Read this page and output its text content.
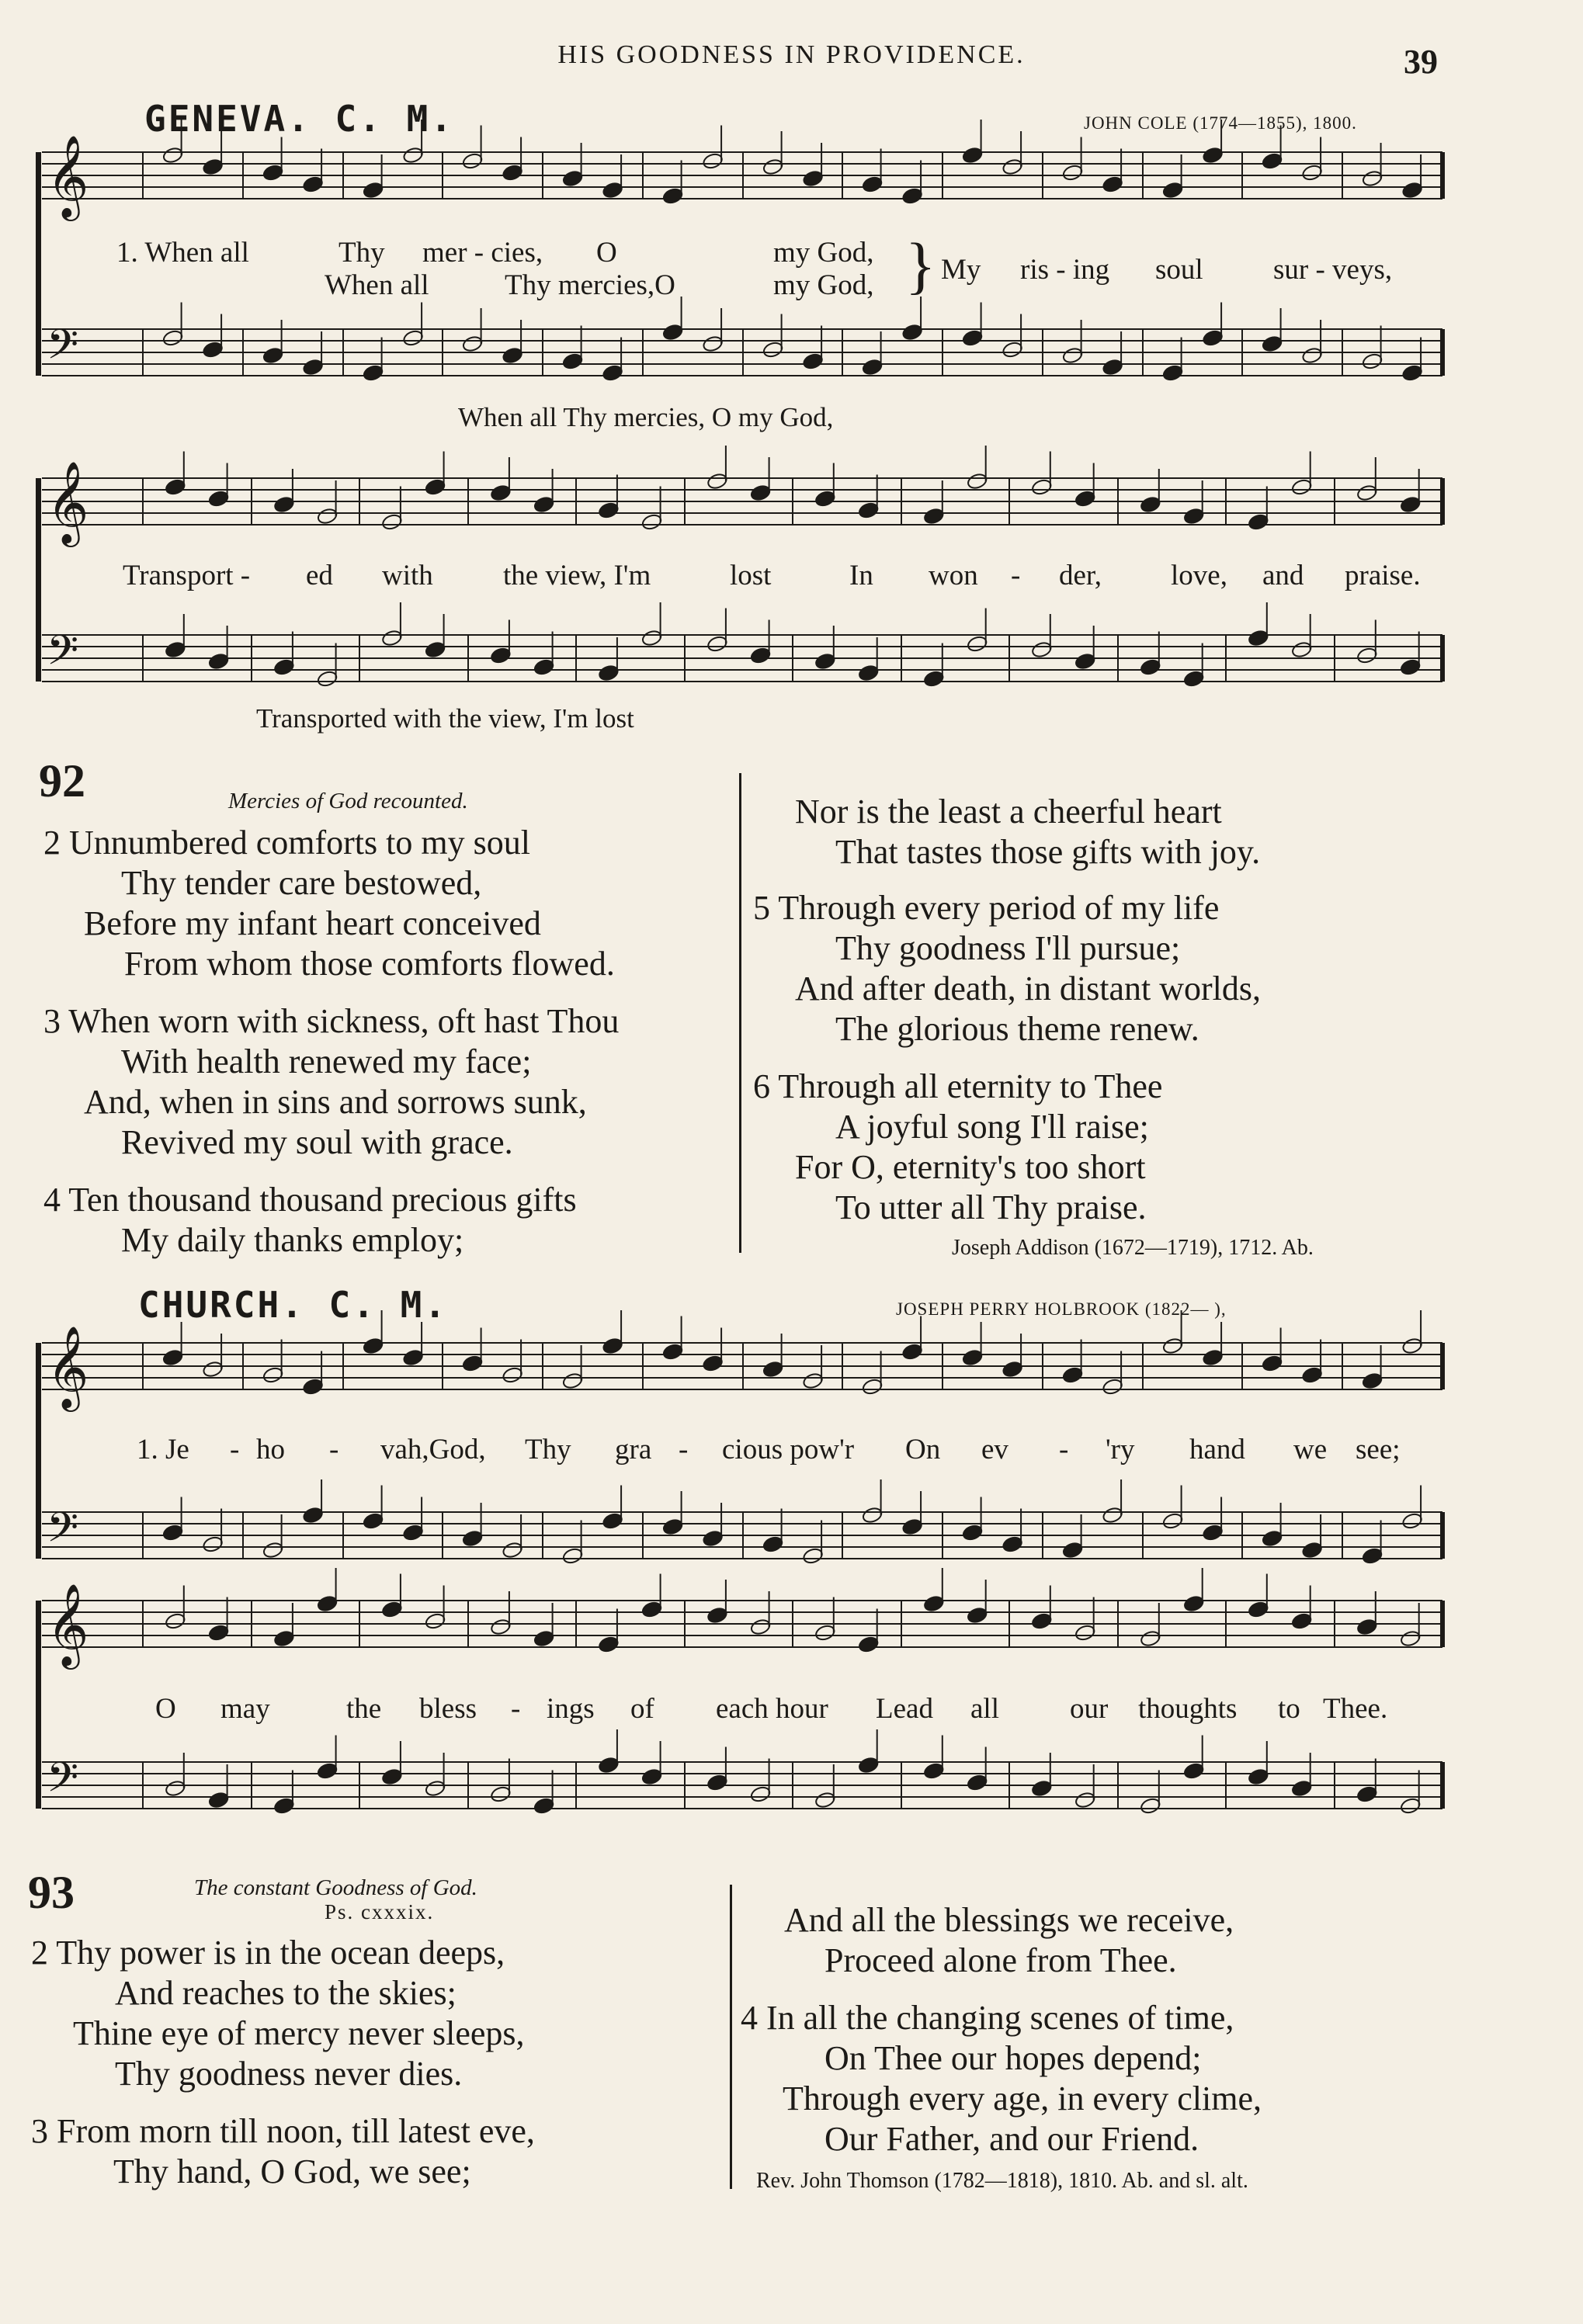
HIS GOODNESS IN PROVIDENCE.	39
𝄞
𝄢
𝄞
𝄢
𝄞
𝄢
𝄞
𝄢
GENEVA. C. M.	JOHN COLE (1774—1855), 1800.
1. When all	Thy mer - cies, O	my God,
When all	Thy mercies,O	my God, } My ris - ing soul sur - veys,
When all Thy mercies, O my God,
Transport - ed with the view, I'm	lost	In won - der, love, and praise.
Transported with the view, I'm lost
92	Mercies of God recounted.
2 Unnumbered comforts to my soul
Thy tender care bestowed,
Before my infant heart conceived
From whom those comforts flowed.
3 When worn with sickness, oft hast Thou
With health renewed my face;
And, when in sins and sorrows sunk,
Revived my soul with grace.
4 Ten thousand thousand precious gifts
My daily thanks employ;
Nor is the least a cheerful heart
That tastes those gifts with joy.
5 Through every period of my life
Thy goodness I'll pursue;
And after death, in distant worlds,
The glorious theme renew.
6 Through all eternity to Thee
A joyful song I'll raise;
For O, eternity's too short
To utter all Thy praise.
Joseph Addison (1672—1719), 1712. Ab.
CHURCH. C. M.	JOSEPH PERRY HOLBROOK (1822— ),
1. Je - ho - vah,God, Thy gra - cious pow'r On ev - 'ry hand we see;
O may	the bless - ings of each hour Lead all our thoughts to Thee.
93	The constant Goodness of God.
Ps. cxxxix.
2 Thy power is in the ocean deeps,
And reaches to the skies;
Thine eye of mercy never sleeps,
Thy goodness never dies.
3 From morn till noon, till latest eve,
Thy hand, O God, we see;
And all the blessings we receive,
Proceed alone from Thee.
4 In all the changing scenes of time,
On Thee our hopes depend;
Through every age, in every clime,
Our Father, and our Friend.
Rev. John Thomson (1782—1818), 1810. Ab. and sl. alt.
